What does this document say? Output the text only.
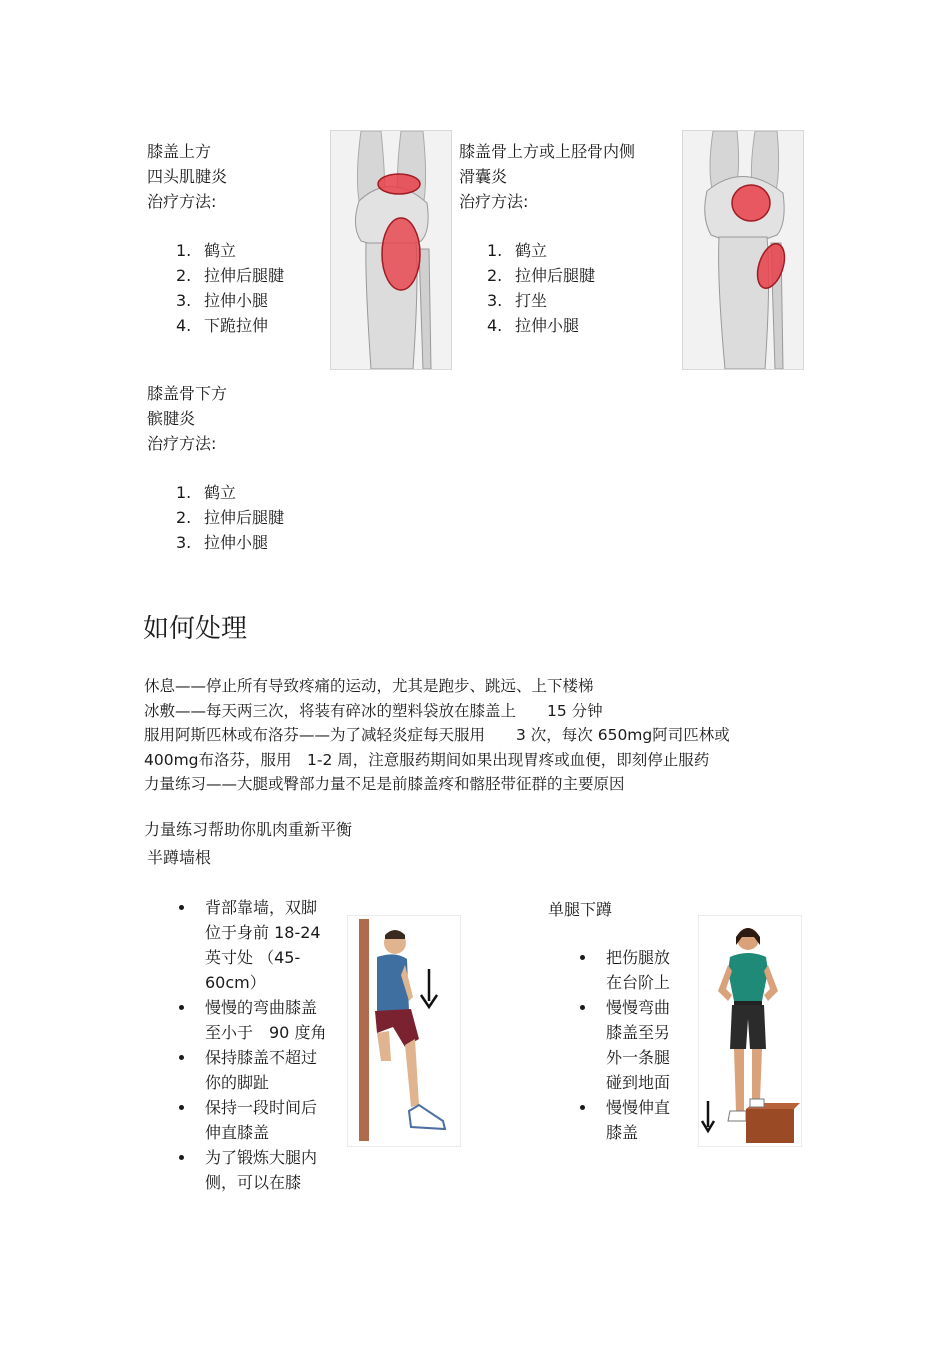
膝盖上方
四头肌腱炎
治疗方法:
1. 鹤立
2. 拉伸后腿腱
3. 拉伸小腿
4. 下跪拉伸
膝盖骨上方或上胫骨内侧
滑囊炎
治疗方法:
1. 鹤立
2. 拉伸后腿腱
3. 打坐
4. 拉伸小腿
膝盖骨下方
髌腱炎
治疗方法:
1. 鹤立
2. 拉伸后腿腱
3. 拉伸小腿
如何处理
休息——停止所有导致疼痛的运动，尤其是跑步、跳远、上下楼梯
冰敷——每天两三次，将装有碎冰的塑料袋放在膝盖上　　15 分钟
服用阿斯匹林或布洛芬——为了减轻炎症每天服用　　3 次，每次 650mg阿司匹林或
400mg布洛芬，服用　1-2 周，注意服药期间如果出现胃疼或血便，即刻停止服药
力量练习——大腿或臀部力量不足是前膝盖疼和髂胫带征群的主要原因
力量练习帮助你肌肉重新平衡
半蹲墙根
背部靠墙，双脚位于身前 18-24 英寸处 （45-60cm）
慢慢的弯曲膝盖至小于　90 度角
保持膝盖不超过你的脚趾
保持一段时间后伸直膝盖
为了锻炼大腿内侧，可以在膝
单腿下蹲
把伤腿放在台阶上
慢慢弯曲膝盖至另外一条腿碰到地面
慢慢伸直膝盖
